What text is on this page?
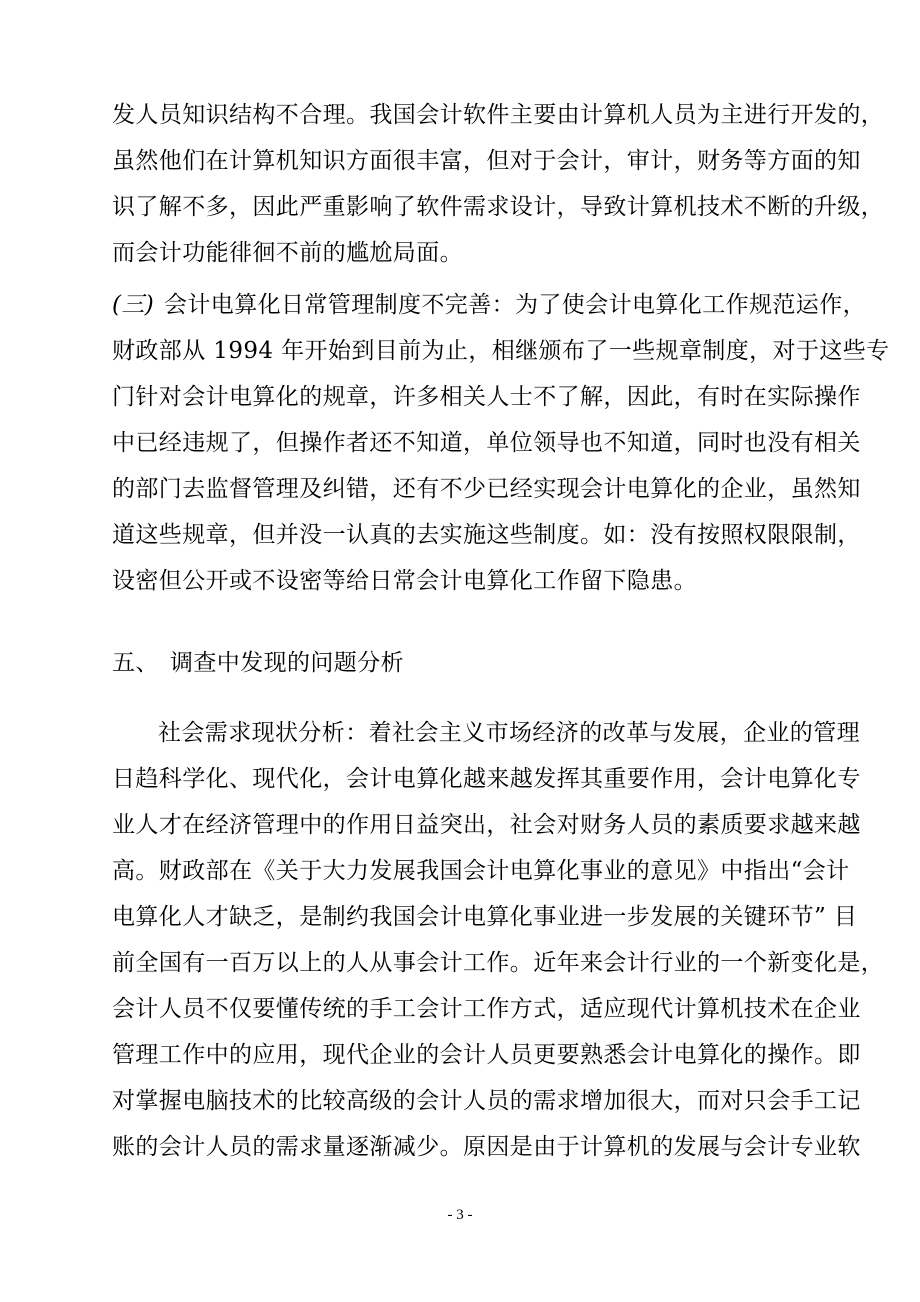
发人员知识结构不合理。我国会计软件主要由计算机人员为主进行开发的，
虽然他们在计算机知识方面很丰富，但对于会计，审计，财务等方面的知
识了解不多，因此严重影响了软件需求设计，导致计算机技术不断的升级，
而会计功能徘徊不前的尴尬局面。
(三) 会计电算化日常管理制度不完善：为了使会计电算化工作规范运作，
财政部从 1994 年开始到目前为止，相继颁布了一些规章制度，对于这些专
门针对会计电算化的规章，许多相关人士不了解，因此，有时在实际操作
中已经违规了，但操作者还不知道，单位领导也不知道，同时也没有相关
的部门去监督管理及纠错，还有不少已经实现会计电算化的企业，虽然知
道这些规章，但并没一认真的去实施这些制度。如：没有按照权限限制，
设密但公开或不设密等给日常会计电算化工作留下隐患。
五、 调查中发现的问题分析
社会需求现状分析：着社会主义市场经济的改革与发展，企业的管理
日趋科学化、现代化，会计电算化越来越发挥其重要作用，会计电算化专
业人才在经济管理中的作用日益突出，社会对财务人员的素质要求越来越
高。财政部在《关于大力发展我国会计电算化事业的意见》中指出“会计
电算化人才缺乏，是制约我国会计电算化事业进一步发展的关键环节” 目
前全国有一百万以上的人从事会计工作。近年来会计行业的一个新变化是，
会计人员不仅要懂传统的手工会计工作方式，适应现代计算机技术在企业
管理工作中的应用，现代企业的会计人员更要熟悉会计电算化的操作。即
对掌握电脑技术的比较高级的会计人员的需求增加很大，而对只会手工记
账的会计人员的需求量逐渐减少。原因是由于计算机的发展与会计专业软
- 3 -
